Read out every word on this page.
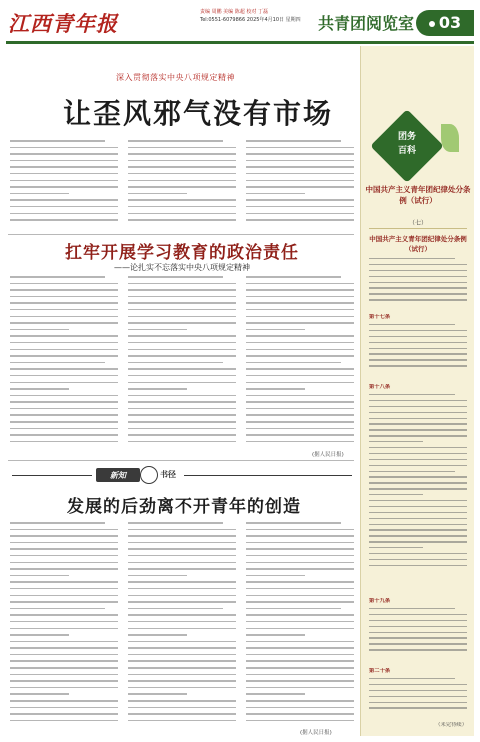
江西青年报	责编 周鹏 美编 陈超 校对 丁磊
Tel:0551-6079866 2025年4月10日 星期四	共青团阅览室	03
深入贯彻落实中央八项规定精神
让歪风邪气没有市场
扛牢开展学习教育的政治责任
——论扎实不忘落实中央八项规定精神
(据人民日报)
新知	书径
发展的后劲离不开青年的创造
(据人民日报)
团务
百科
中国共产主义青年团纪律处分条例（试行）
（七）
中国共产主义青年团纪律处分条例（试行）
第十七条
第十八条
第十九条
第二十条
（未完待续）
